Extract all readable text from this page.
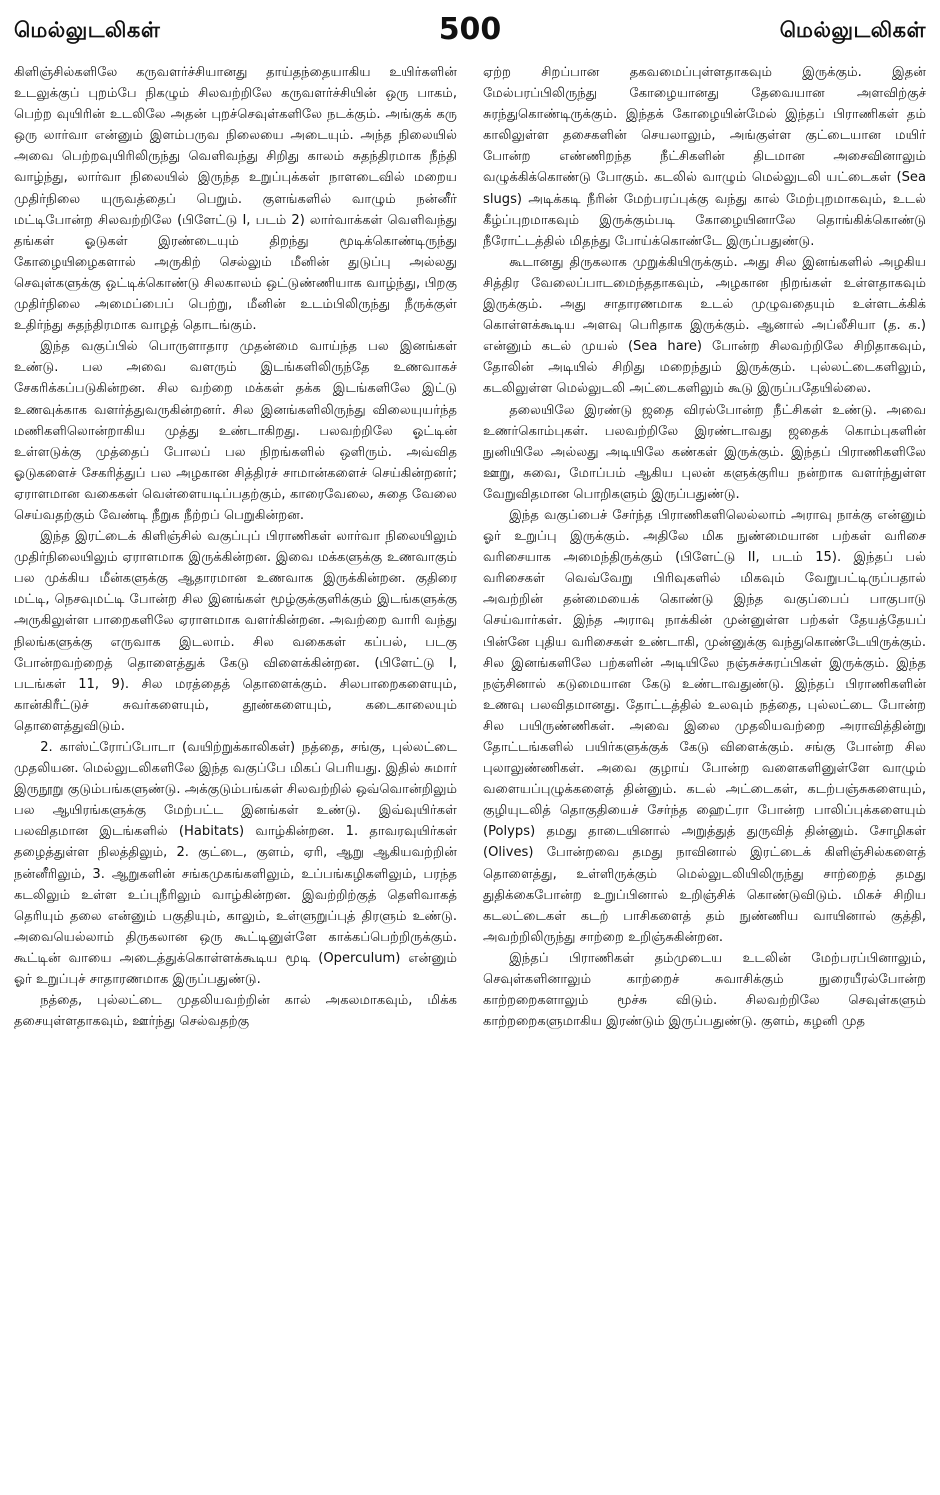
மெல்லுடலிகள்	500	மெல்லுடலிகள்

கிளிஞ்சில்களிலே கருவளர்ச்சியானது தாய்தந்தையாகிய உயிர்களின் உடலுக்குப் புறம்பே நிகழும் சிலவற்றிலே கருவளர்ச்சியின் ஒரு பாகம், பெற்ற வுயிரின் உடலிலே அதன் புறச்செவுள்களிலே நடக்கும். அங்குக் கரு ஒரு லார்வா என்னும் இளம்பருவ நிலையை அடையும். அந்த நிலையில் அவை பெற்றவுயிரிலிருந்து வெளிவந்து சிறிது காலம் சுதந்திரமாக நீந்தி வாழ்ந்து, லார்வா நிலையில் இருந்த உறுப்புக்கள் நாளடைவில் மறைய முதிர்நிலை யுருவத்தைப் பெறும். குளங்களில் வாழும் நன்னீர் மட்டிபோன்ற சிலவற்றிலே (பிளேட்டு I, படம் 2) லார்வாக்கள் வெளிவந்து தங்கள் ஓடுகள் இரண்டையும் திறந்து மூடிக்கொண்டிருந்து கோழையிழைகளால் அருகிற் செல்லும் மீனின் துடுப்பு அல்லது செவுள்களுக்கு ஒட்டிக்கொண்டு சிலகாலம் ஒட்டுண்ணியாக வாழ்ந்து, பிறகு முதிர்நிலை அமைப்பைப் பெற்று, மீனின் உடம்பிலிருந்து நீருக்குள் உதிர்ந்து சுதந்திரமாக வாழத் தொடங்கும்.

இந்த வகுப்பில் பொருளாதார முதன்மை வாய்ந்த பல இனங்கள் உண்டு. பல அவை வளரும் இடங்களிலிருந்தே உணவாகச் சேகரிக்கப்படுகின்றன. சில வற்றை மக்கள் தக்க இடங்களிலே இட்டு உணவுக்காக வளர்த்துவருகின்றனர். சில இனங்களிலிருந்து விலையுயர்ந்த மணிகளிலொன்றாகிய முத்து உண்டாகிறது. பலவற்றிலே ஓட்டின் உள்ளடுக்கு முத்தைப் போலப் பல நிறங்களில் ஒளிரும். அவ்வித ஓடுகளைச் சேகரித்துப் பல அழகான சித்திரச் சாமான்களைச் செய்கின்றனர்; ஏராளமான வகைகள் வெள்ளையடிப்பதற்கும், காரைவேலை, சுதை வேலை செய்வதற்கும் வேண்டி நீறுக நீற்றப் பெறுகின்றன.

இந்த இரட்டைக் கிளிஞ்சில் வகுப்புப் பிராணிகள் லார்வா நிலையிலும் முதிர்நிலையிலும் ஏராளமாக இருக்கின்றன. இவை மக்களுக்கு உணவாகும் பல முக்கிய மீன்களுக்கு ஆதாரமான உணவாக இருக்கின்றன. குதிரை மட்டி, நெசவுமட்டி போன்ற சில இனங்கள் மூழ்குக்குளிக்கும் இடங்களுக்கு அருகிலுள்ள பாறைகளிலே ஏராளமாக வளர்கின்றன. அவற்றை வாரி வந்து நிலங்களுக்கு எருவாக இடலாம். சில வகைகள் கப்பல், படகு போன்றவற்றைத் தொளைத்துக் கேடு விளைக்கின்றன. (பிளேட்டு I, படங்கள் 11, 9). சில மரத்தைத் தொளைக்கும். சிலபாறைகளையும், கான்கிரீட்டுச் சுவர்களையும், தூண்களையும், கடைகாலையும் தொளைத்துவிடும்.

2. காஸ்ட்ரோப்போடா (வயிற்றுக்காலிகள்) நத்தை, சங்கு, புல்லட்டை முதலியன. மெல்லுடலிகளிலே இந்த வகுப்பே மிகப் பெரியது. இதில் சுமார் இருநூறு குடும்பங்களுண்டு. அக்குடும்பங்கள் சிலவற்றில் ஒவ்வொன்றிலும் பல ஆயிரங்களுக்கு மேற்பட்ட இனங்கள் உண்டு. இவ்வுயிர்கள் பலவிதமான இடங்களில் (Habitats) வாழ்கின்றன. 1. தாவரவுயிர்கள் தழைத்துள்ள நிலத்திலும், 2. குட்டை, குளம், ஏரி, ஆறு ஆகியவற்றின் நன்னீரிலும், 3. ஆறுகளின் சங்கமுகங்களிலும், உப்பங்கழிகளிலும், பரந்த கடலிலும் உள்ள உப்புநீரிலும் வாழ்கின்றன. இவற்றிற்குத் தெளிவாகத் தெரியும் தலை என்னும் பகுதியும், காலும், உள்ளுறுப்புத் திரளும் உண்டு. அவையெல்லாம் திருகலான ஒரு கூட்டினுள்ளே காக்கப்பெற்றிருக்கும். கூட்டின் வாயை அடைத்துக்கொள்ளக்கூடிய மூடி (Operculum) என்னும் ஓர் உறுப்புச் சாதாரணமாக இருப்பதுண்டு.

நத்தை, புல்லட்டை முதலியவற்றின் கால் அகலமாகவும், மிக்க தசையுள்ளதாகவும், ஊர்ந்து செல்வதற்கு

ஏற்ற சிறப்பான தகவமைப்புள்ளதாகவும் இருக்கும். இதன் மேல்பரப்பிலிருந்து கோழையானது தேவையான அளவிற்குச் சுரந்துகொண்டிருக்கும். இந்தக் கோழையின்மேல் இந்தப் பிராணிகள் தம் காலிலுள்ள தசைகளின் செயலாலும், அங்குள்ள குட்டையான மயிர் போன்ற எண்ணிறந்த நீட்சிகளின் திடமான அசைவினாலும் வழுக்கிக்கொண்டு போகும். கடலில் வாழும் மெல்லுடலி யட்டைகள் (Sea slugs) அடிக்கடி நீரின் மேற்பரப்புக்கு வந்து கால் மேற்புறமாகவும், உடல் கீழ்ப்புறமாகவும் இருக்கும்படி கோழையினாலே தொங்கிக்கொண்டு நீரோட்டத்தில் மிதந்து போய்க்கொண்டே இருப்பதுண்டு.

கூடானது திருகலாக முறுக்கியிருக்கும். அது சில இனங்களில் அழகிய சித்திர வேலைப்பாடமைந்ததாகவும், அழகான நிறங்கள் உள்ளதாகவும் இருக்கும். அது சாதாரணமாக உடல் முழுவதையும் உள்ளடக்கிக் கொள்ளக்கூடிய அளவு பெரிதாக இருக்கும். ஆனால் அப்லீசியா (த. க.) என்னும் கடல் முயல் (Sea hare) போன்ற சிலவற்றிலே சிறிதாகவும், தோலின் அடியில் சிறிது மறைந்தும் இருக்கும். புல்லட்டைகளிலும், கடலிலுள்ள மெல்லுடலி அட்டைகளிலும் கூடு இருப்பதேயில்லை.

தலையிலே இரண்டு ஜதை விரல்போன்ற நீட்சிகள் உண்டு. அவை உணர்கொம்புகள். பலவற்றிலே இரண்டாவது ஜதைக் கொம்புகளின் நுனியிலே அல்லது அடியிலே கண்கள் இருக்கும். இந்தப் பிராணிகளிலே ஊறு, சுவை, மோப்பம் ஆகிய புலன் களுக்குரிய நன்றாக வளர்ந்துள்ள வேறுவிதமான பொறிகளும் இருப்பதுண்டு.

இந்த வகுப்பைச் சேர்ந்த பிராணிகளிலெல்லாம் அராவு நாக்கு என்னும் ஓர் உறுப்பு இருக்கும். அதிலே மிக நுண்மையான பற்கள் வரிசை வரிசையாக அமைந்திருக்கும் (பிளேட்டு II, படம் 15). இந்தப் பல் வரிசைகள் வெவ்வேறு பிரிவுகளில் மிகவும் வேறுபட்டிருப்பதால் அவற்றின் தன்மையைக் கொண்டு இந்த வகுப்பைப் பாகுபாடு செய்வார்கள். இந்த அராவு நாக்கின் முன்னுள்ள பற்கள் தேயத்தேயப் பின்னே புதிய வரிசைகள் உண்டாகி, முன்னுக்கு வந்துகொண்டேயிருக்கும். சில இனங்களிலே பற்களின் அடியிலே நஞ்சுச்சுரப்பிகள் இருக்கும். இந்த நஞ்சினால் கடுமையான கேடு உண்டாவதுண்டு. இந்தப் பிராணிகளின் உணவு பலவிதமானது. தோட்டத்தில் உலவும் நத்தை, புல்லட்டை போன்ற சில பயிருண்ணிகள். அவை இலை முதலியவற்றை அராவித்தின்று தோட்டங்களில் பயிர்களுக்குக் கேடு விளைக்கும். சங்கு போன்ற சில புலாலுண்ணிகள். அவை குழாய் போன்ற வளைகளினுள்ளே வாழும் வளையப்புழுக்களைத் தின்னும். கடல் அட்டைகள், கடற்பஞ்சுகளையும், குழியுடலித் தொகுதியைச் சேர்ந்த ஹைட்ரா போன்ற பாலிப்புக்களையும் (Polyps) தமது தாடையினால் அறுத்துத் துருவித் தின்னும். சோழிகள் (Olives) போன்றவை தமது நாவினால் இரட்டைக் கிளிஞ்சில்களைத் தொளைத்து, உள்ளிருக்கும் மெல்லுடலியிலிருந்து சாற்றைத் தமது துதிக்கைபோன்ற உறுப்பினால் உறிஞ்சிக் கொண்டுவிடும். மிகச் சிறிய கடலட்டைகள் கடற் பாசிகளைத் தம் நுண்ணிய வாயினால் குத்தி, அவற்றிலிருந்து சாற்றை உறிஞ்சுகின்றன.

இந்தப் பிராணிகள் தம்முடைய உடலின் மேற்பரப்பினாலும், செவுள்களினாலும் காற்றைச் சுவாசிக்கும் நுரையீரல்போன்ற காற்றறைகளாலும் மூச்சு விடும். சிலவற்றிலே செவுள்களும் காற்றறைகளுமாகிய இரண்டும் இருப்பதுண்டு. குளம், கழனி முத
